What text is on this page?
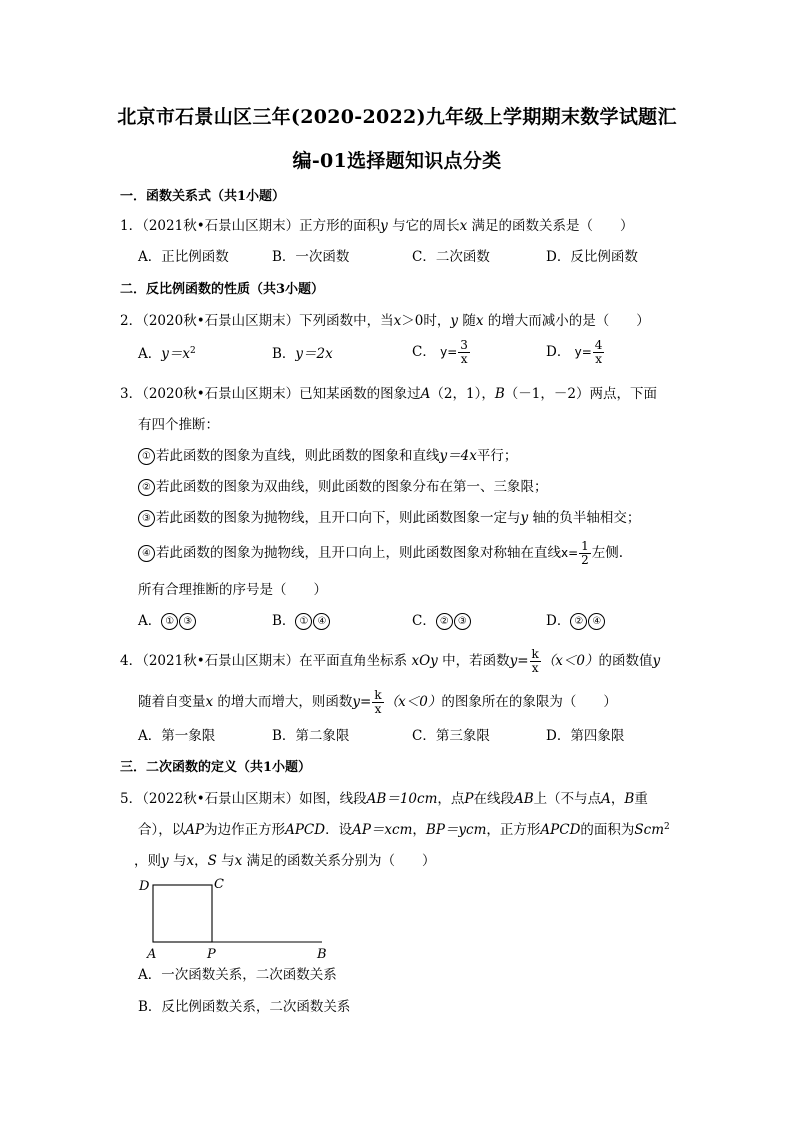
北京市石景山区三年(2020-2022)九年级上学期期末数学试题汇
编-01选择题知识点分类
一．函数关系式（共1小题）
1．（2021秋•石景山区期末）正方形的面积y 与它的周长x 满足的函数关系是（　　）
A．正比例函数	B．一次函数	C．二次函数	D．反比例函数
二．反比例函数的性质（共3小题）
2．（2020秋•石景山区期末）下列函数中，当x＞0时，y 随x 的增大而减小的是（　　）
A．$y=x^2$	B．y＝2x	C． $y= \frac{3}{x}$	D． $y= \frac{4}{x}$
3．（2020秋•石景山区期末）已知某函数的图象过A（2，1），B（－1，－2）两点，下面
有四个推断：
① 若此函数的图象为直线，则此函数的图象和直线y＝4x平行；
② 若此函数的图象为双曲线，则此函数的图象分布在第一、三象限；
③ 若此函数的图象为抛物线，且开口向下，则此函数图象一定与y 轴的负半轴相交；
④ 若此函数的图象为抛物线，且开口向上，则此函数图象对称轴在直线$x= \frac{1}{2}$ 左侧.
所有合理推断的序号是（　　）
A． ① ③	B． ① ④	C． ② ③	D． ② ④
4．（2021秋•石景山区期末）在平面直角坐标系 xOy 中，若函数$y= \frac{k}{x} (x<0)$的函数值y
随着自变量x 的增大而增大，则函数$y= \frac{k}{x} (x<0)$的图象所在的象限为（　　）
A．第一象限	B．第二象限	C．第三象限	D．第四象限
三．二次函数的定义（共1小题）
5．（2022秋•石景山区期末）如图，线段AB＝10cm，点P在线段AB上（不与点A，B重
合），以AP为边作正方形APCD．设AP＝xcm，BP＝ycm，正方形APCD的面积为Scm$^2$
，则y 与x，S 与x 满足的函数关系分别为（　　）
D	C
A	P	B
A．一次函数关系，二次函数关系
B．反比例函数关系，二次函数关系
